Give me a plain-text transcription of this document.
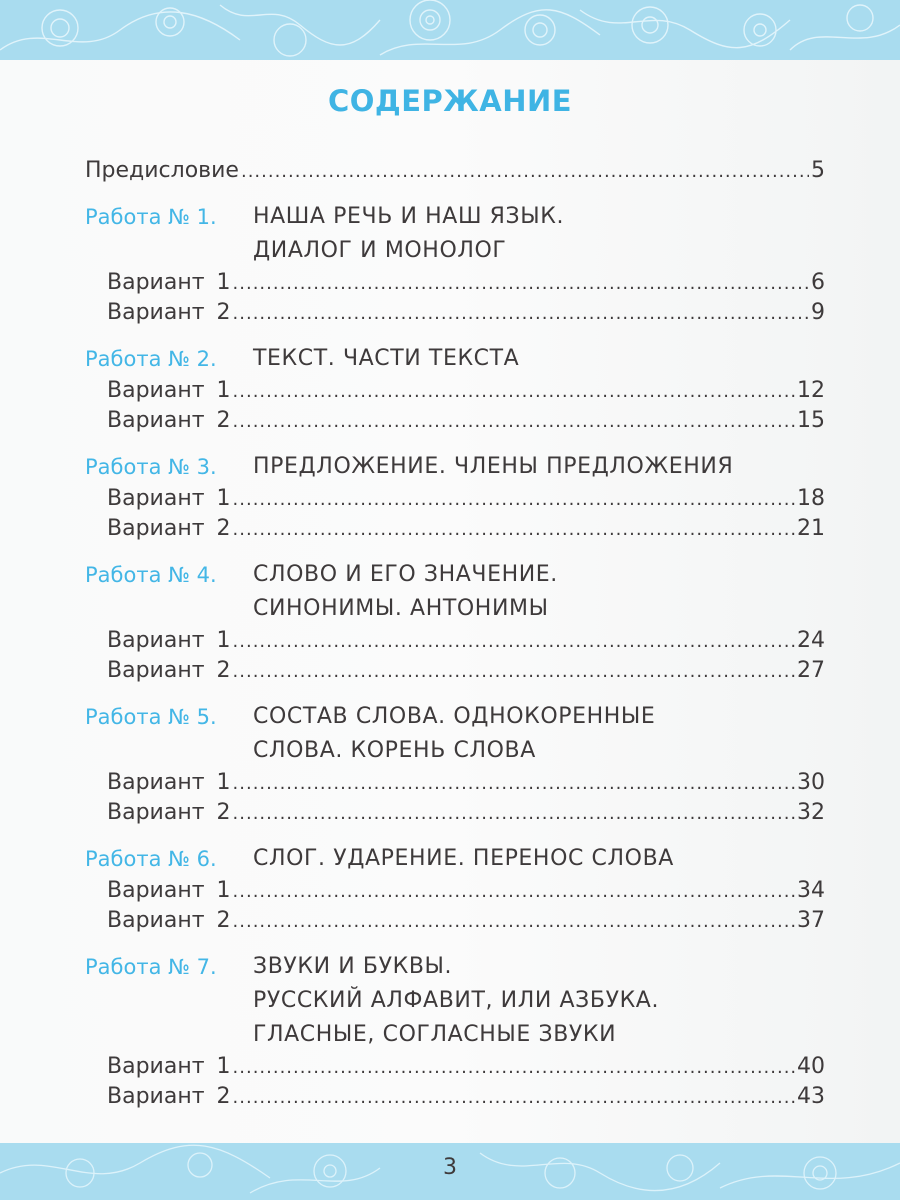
СОДЕРЖАНИЕ
Предисловие .....	5
Работа № 1.	НАША РЕЧЬ И НАШ ЯЗЫК.
ДИАЛОГ И МОНОЛОГ
Вариант 1 .....	6
Вариант 2 .....	9
Работа № 2.	ТЕКСТ. ЧАСТИ ТЕКСТА
Вариант 1 .....	12
Вариант 2 .....	15
Работа № 3.	ПРЕДЛОЖЕНИЕ. ЧЛЕНЫ ПРЕДЛОЖЕНИЯ
Вариант 1 .....	18
Вариант 2 .....	21
Работа № 4.	СЛОВО И ЕГО ЗНАЧЕНИЕ.
СИНОНИМЫ. АНТОНИМЫ
Вариант 1 .....	24
Вариант 2 .....	27
Работа № 5.	СОСТАВ СЛОВА. ОДНОКОРЕННЫЕ
СЛОВА. КОРЕНЬ СЛОВА
Вариант 1 .....	30
Вариант 2 .....	32
Работа № 6.	СЛОГ. УДАРЕНИЕ. ПЕРЕНОС СЛОВА
Вариант 1 .....	34
Вариант 2 .....	37
Работа № 7.	ЗВУКИ И БУКВЫ.
РУССКИЙ АЛФАВИТ, ИЛИ АЗБУКА.
ГЛАСНЫЕ, СОГЛАСНЫЕ ЗВУКИ
Вариант 1 .....	40
Вариант 2 .....	43
3
